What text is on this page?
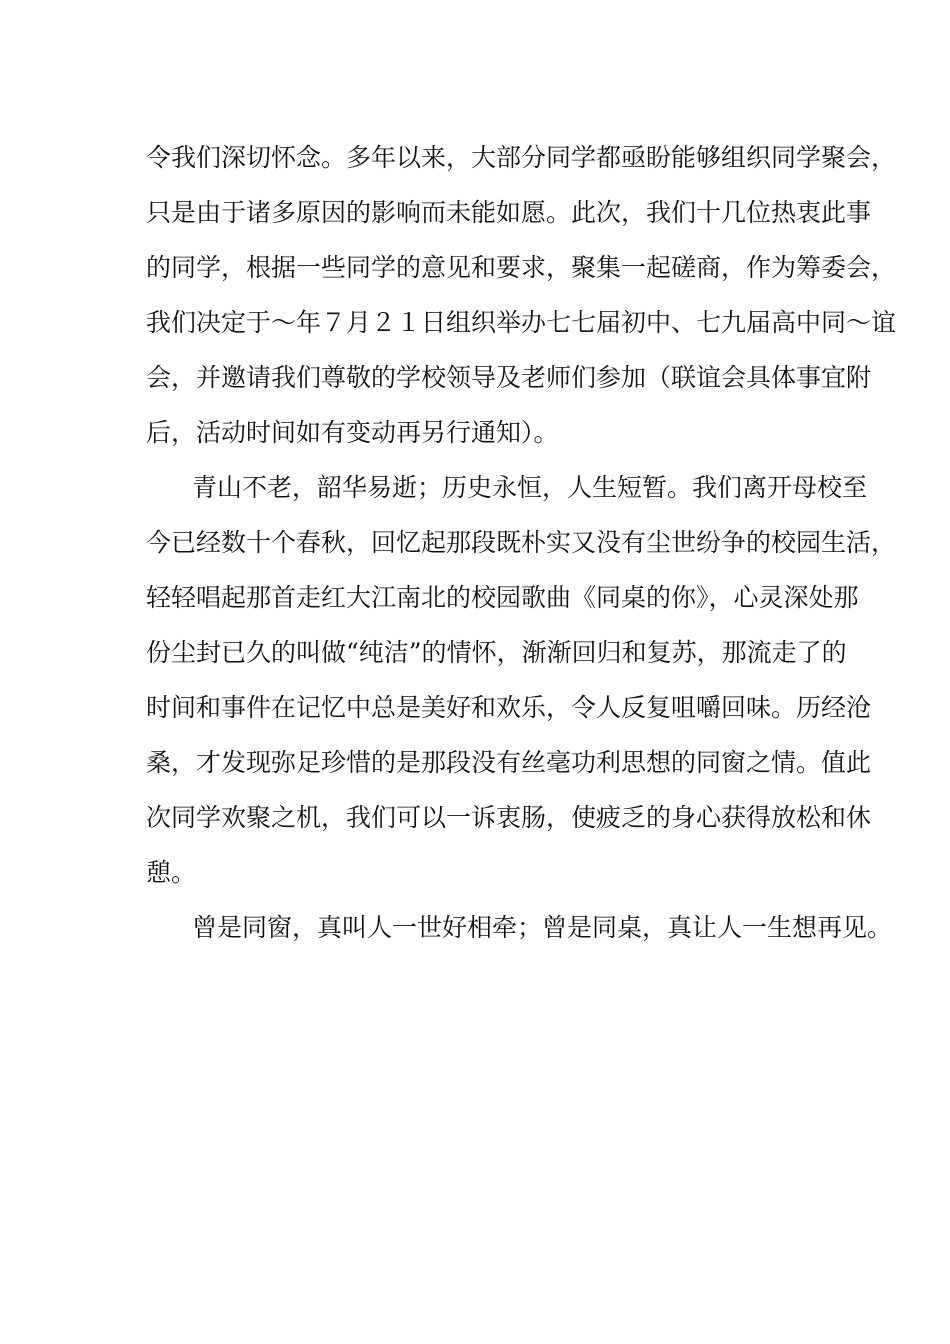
令我们深切怀念。多年以来，大部分同学都亟盼能够组织同学聚会，
只是由于诸多原因的影响而未能如愿。此次，我们十几位热衷此事
的同学，根据一些同学的意见和要求，聚集一起磋商，作为筹委会，
我们决定于～年７月２１日组织举办七七届初中、七九届高中同～谊
会，并邀请我们尊敬的学校领导及老师们参加（联谊会具体事宜附
后，活动时间如有变动再另行通知）。
青山不老，韶华易逝；历史永恒，人生短暂。我们离开母校至
今已经数十个春秋，回忆起那段既朴实又没有尘世纷争的校园生活，
轻轻唱起那首走红大江南北的校园歌曲《同桌的你》，心灵深处那
份尘封已久的叫做“纯洁”的情怀，渐渐回归和复苏，那流走了的
时间和事件在记忆中总是美好和欢乐，令人反复咀嚼回味。历经沧
桑，才发现弥足珍惜的是那段没有丝毫功利思想的同窗之情。值此
次同学欢聚之机，我们可以一诉衷肠，使疲乏的身心获得放松和休
憩。
曾是同窗，真叫人一世好相牵；曾是同桌，真让人一生想再见。
